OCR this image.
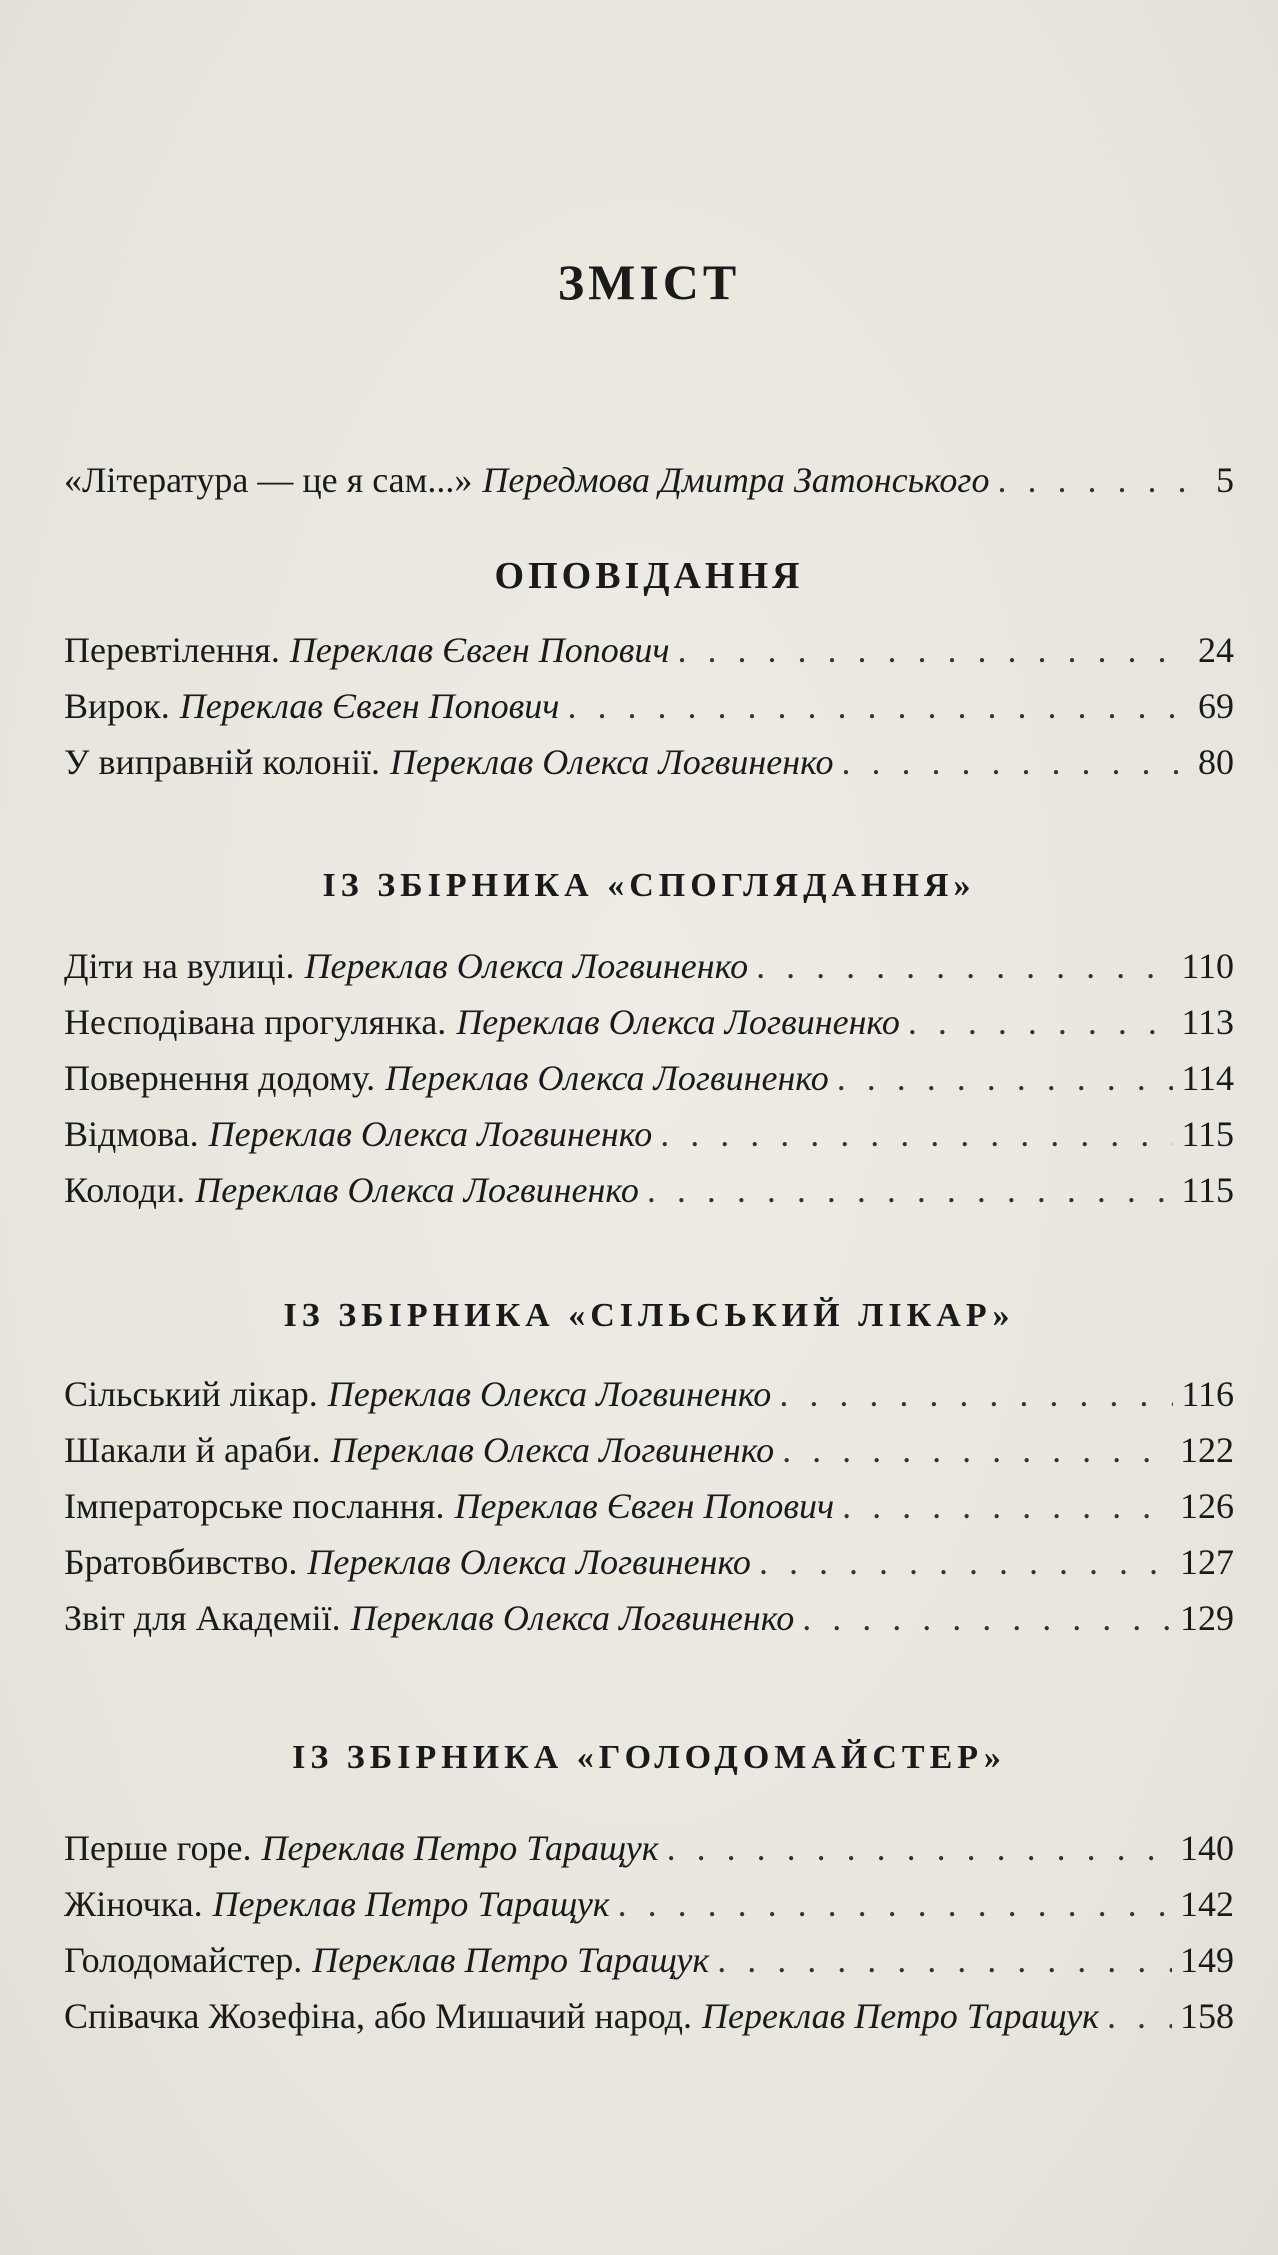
ЗМІСТ
«Література — це я сам...» Передмова Дмитра Затонського . . .	5
ОПОВІДАННЯ
Перевтілення. Переклав Євген Попович . . .	24
Вирок. Переклав Євген Попович . . .	69
У виправній колонії. Переклав Олекса Логвиненко . . .	80
ІЗ ЗБІРНИКА «СПОГЛЯДАННЯ»
Діти на вулиці. Переклав Олекса Логвиненко . . .	110
Несподівана прогулянка. Переклав Олекса Логвиненко . . .	113
Повернення додому. Переклав Олекса Логвиненко . . .	114
Відмова. Переклав Олекса Логвиненко . . .	115
Колоди. Переклав Олекса Логвиненко . . .	115
ІЗ ЗБІРНИКА «СІЛЬСЬКИЙ ЛІКАР»
Сільський лікар. Переклав Олекса Логвиненко . . .	116
Шакали й араби. Переклав Олекса Логвиненко . . .	122
Імператорське послання. Переклав Євген Попович . . .	126
Братовбивство. Переклав Олекса Логвиненко . . .	127
Звіт для Академії. Переклав Олекса Логвиненко . . .	129
ІЗ ЗБІРНИКА «ГОЛОДОМАЙСТЕР»
Перше горе. Переклав Петро Таращук . . .	140
Жіночка. Переклав Петро Таращук . . .	142
Голодомайстер. Переклав Петро Таращук . . .	149
Співачка Жозефіна, або Мишачий народ. Переклав Петро Таращук . . . 158
